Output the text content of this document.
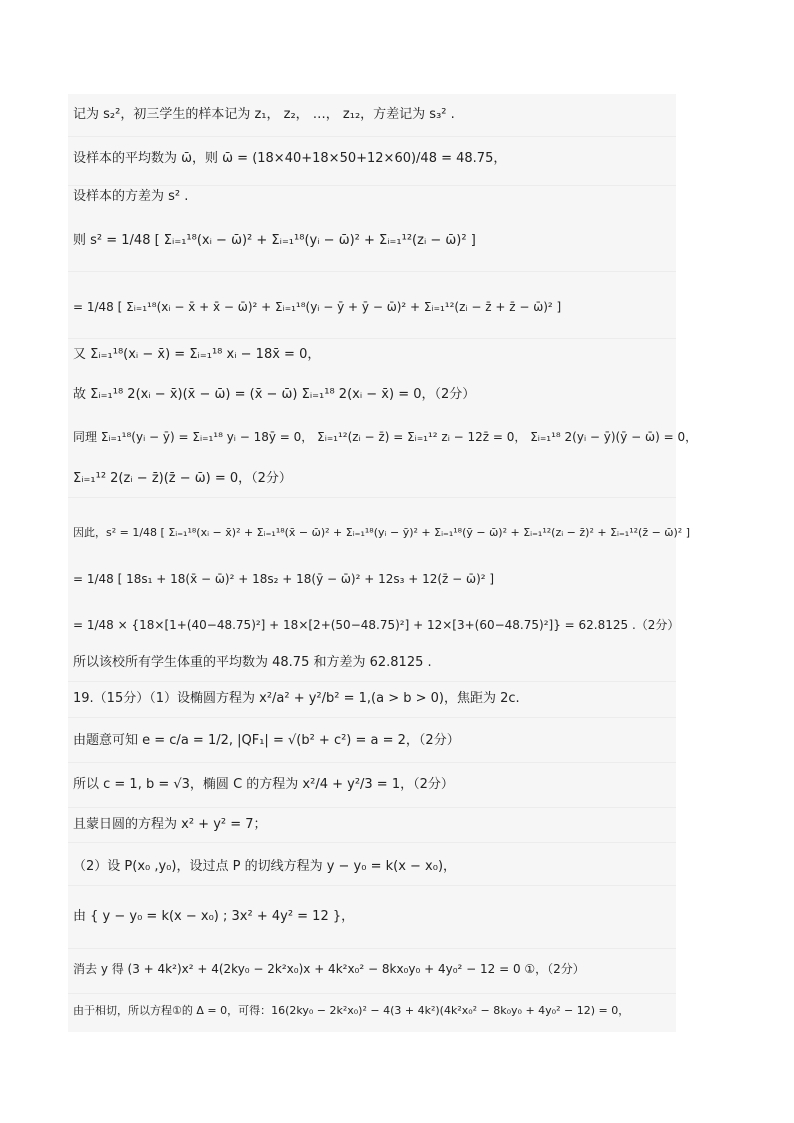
记为 s₂²，初三学生的样本记为 z₁， z₂， …， z₁₂，方差记为 s₃² .
设样本的平均数为 ω̄，则 ω̄ = (18×40+18×50+12×60)/48 = 48.75，
设样本的方差为 s² .
则 s² = 1/48 [ Σᵢ₌₁¹⁸(xᵢ − ω̄)² + Σᵢ₌₁¹⁸(yᵢ − ω̄)² + Σᵢ₌₁¹²(zᵢ − ω̄)² ]
= 1/48 [ Σᵢ₌₁¹⁸(xᵢ − x̄ + x̄ − ω̄)² + Σᵢ₌₁¹⁸(yᵢ − ȳ + ȳ − ω̄)² + Σᵢ₌₁¹²(zᵢ − z̄ + z̄ − ω̄)² ]
又 Σᵢ₌₁¹⁸(xᵢ − x̄) = Σᵢ₌₁¹⁸ xᵢ − 18x̄ = 0，
故 Σᵢ₌₁¹⁸ 2(xᵢ − x̄)(x̄ − ω̄) = (x̄ − ω̄) Σᵢ₌₁¹⁸ 2(xᵢ − x̄) = 0，（2分）
同理 Σᵢ₌₁¹⁸(yᵢ − ȳ) = Σᵢ₌₁¹⁸ yᵢ − 18ȳ = 0， Σᵢ₌₁¹²(zᵢ − z̄) = Σᵢ₌₁¹² zᵢ − 12z̄ = 0， Σᵢ₌₁¹⁸ 2(yᵢ − ȳ)(ȳ − ω̄) = 0，
Σᵢ₌₁¹² 2(zᵢ − z̄)(z̄ − ω̄) = 0，（2分）
因此，s² = 1/48 [ Σᵢ₌₁¹⁸(xᵢ − x̄)² + Σᵢ₌₁¹⁸(x̄ − ω̄)² + Σᵢ₌₁¹⁸(yᵢ − ȳ)² + Σᵢ₌₁¹⁸(ȳ − ω̄)² + Σᵢ₌₁¹²(zᵢ − z̄)² + Σᵢ₌₁¹²(z̄ − ω̄)² ]
= 1/48 [ 18s₁ + 18(x̄ − ω̄)² + 18s₂ + 18(ȳ − ω̄)² + 12s₃ + 12(z̄ − ω̄)² ]
= 1/48 × {18×[1+(40−48.75)²] + 18×[2+(50−48.75)²] + 12×[3+(60−48.75)²]} = 62.8125 .（2分）
所以该校所有学生体重的平均数为 48.75 和方差为 62.8125 .
19.（15分）（1）设椭圆方程为 x²/a² + y²/b² = 1,(a > b > 0)，焦距为 2c.
由题意可知 e = c/a = 1/2, |QF₁| = √(b² + c²) = a = 2，（2分）
所以 c = 1, b = √3，椭圆 C 的方程为 x²/4 + y²/3 = 1，（2分）
且蒙日圆的方程为 x² + y² = 7；
（2）设 P(x₀ ,y₀)，设过点 P 的切线方程为 y − y₀ = k(x − x₀)，
由 { y − y₀ = k(x − x₀) ; 3x² + 4y² = 12 }，
消去 y 得 (3 + 4k²)x² + 4(2ky₀ − 2k²x₀)x + 4k²x₀² − 8kx₀y₀ + 4y₀² − 12 = 0 ①，（2分）
由于相切，所以方程①的 Δ = 0，可得：16(2ky₀ − 2k²x₀)² − 4(3 + 4k²)(4k²x₀² − 8k₀y₀ + 4y₀² − 12) = 0，
